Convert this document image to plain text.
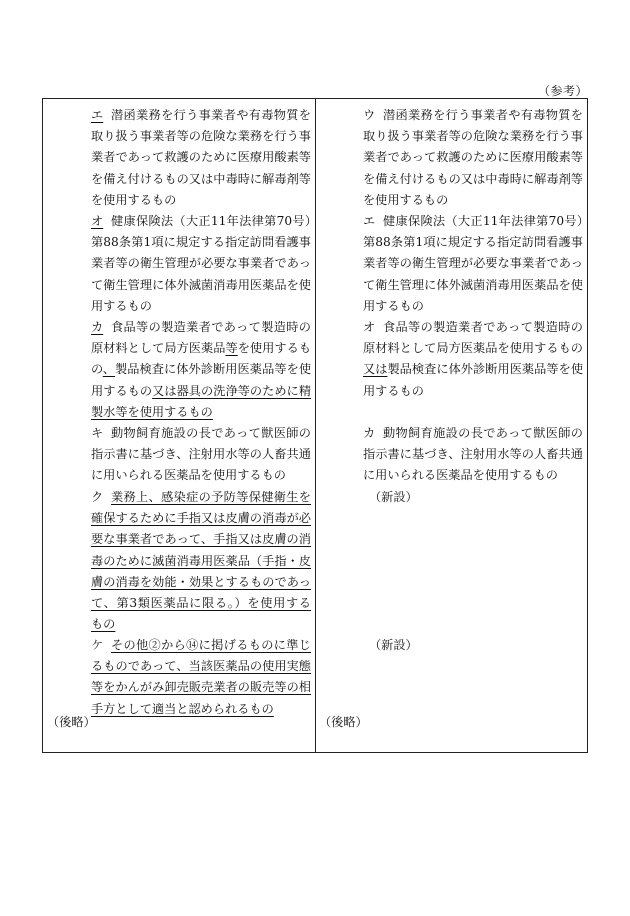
（参考）
エ 潜函業務を行う事業者や有毒物質を取り扱う事業者等の危険な業務を行う事業者であって救護のために医療用酸素等を備え付けるもの又は中毒時に解毒剤等を使用するもの
オ 健康保険法（大正11年法律第70号）第88条第1項に規定する指定訪問看護事業者等の衛生管理が必要な事業者であって衛生管理に体外滅菌消毒用医薬品を使用するもの
カ 食品等の製造業者であって製造時の原材料として局方医薬品等を使用するもの、製品検査に体外診断用医薬品等を使用するもの又は器具の洗浄等のために精製水等を使用するもの
キ 動物飼育施設の長であって獣医師の指示書に基づき、注射用水等の人畜共通に用いられる医薬品を使用するもの
ク 業務上、感染症の予防等保健衛生を確保するために手指又は皮膚の消毒が必要な事業者であって、手指又は皮膚の消毒のために滅菌消毒用医薬品（手指・皮膚の消毒を効能・効果とするものであって、第3類医薬品に限る。）を使用するもの
ケ その他②から⑭に掲げるものに準じるものであって、当該医薬品の使用実態等をかんがみ卸売販売業者の販売等の相手方として適当と認められるもの
（後略）
ウ 潜函業務を行う事業者や有毒物質を取り扱う事業者等の危険な業務を行う事業者であって救護のために医療用酸素等を備え付けるもの又は中毒時に解毒剤等を使用するもの
エ 健康保険法（大正11年法律第70号）第88条第1項に規定する指定訪問看護事業者等の衛生管理が必要な事業者であって衛生管理に体外滅菌消毒用医薬品を使用するもの
オ 食品等の製造業者であって製造時の原材料として局方医薬品を使用するもの又は製品検査に体外診断用医薬品等を使用するもの
カ 動物飼育施設の長であって獣医師の指示書に基づき、注射用水等の人畜共通に用いられる医薬品を使用するもの
（新設）
（新設）
（後略）
